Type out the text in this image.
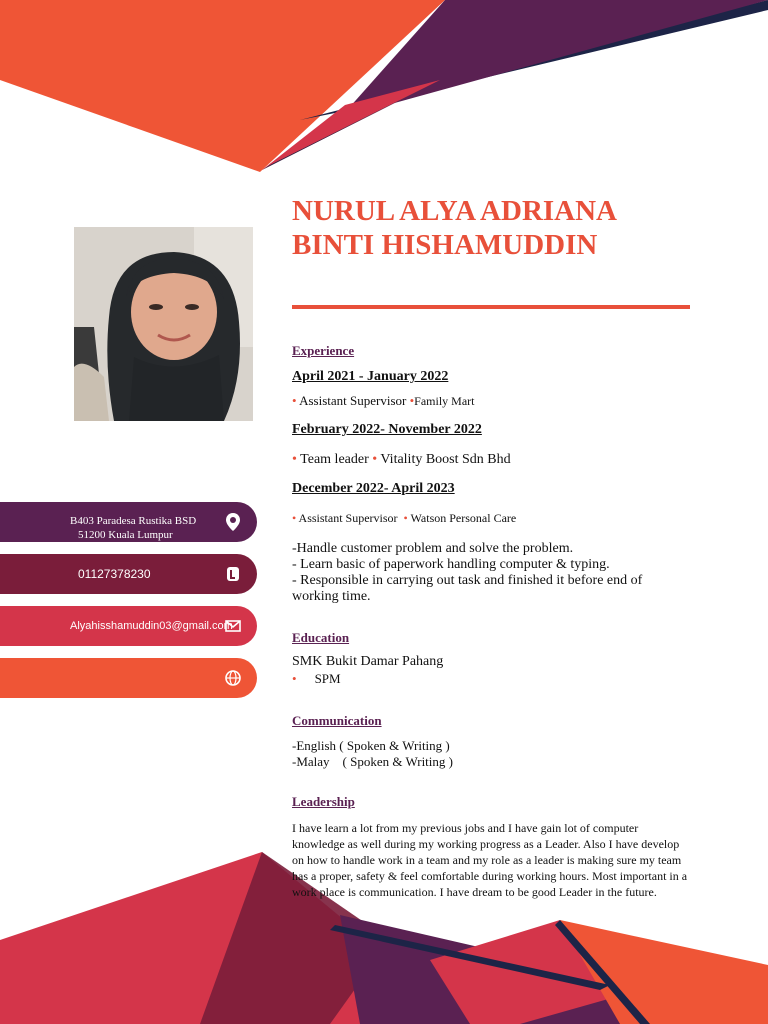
NURUL ALYA ADRIANA
BINTI HISHAMUDDIN
B403 Paradesa Rustika BSD
51200 Kuala Lumpur
01127378230
Alyahisshamuddin03@gmail.com
Experience
April 2021 - January 2022
• Assistant Supervisor •Family Mart
February 2022- November 2022
• Team leader • Vitality Boost Sdn Bhd
December 2022- April 2023
• Assistant Supervisor • Watson Personal Care
-Handle customer problem and solve the problem.
- Learn basic of paperwork handling computer & typing.
- Responsible in carrying out task and finished it before end of
working time.
Education
SMK Bukit Damar Pahang
• SPM
Communication
-English ( Spoken & Writing )
-Malay    ( Spoken & Writing )
Leadership
I have learn a lot from my previous jobs and I have gain lot of computer knowledge as well during my working progress as a Leader. Also I have develop on how to handle work in a team and my role as a leader is making sure my team has a proper, safety & feel comfortable during working hours. Most important in a work place is communication. I have dream to be good Leader in the future.
